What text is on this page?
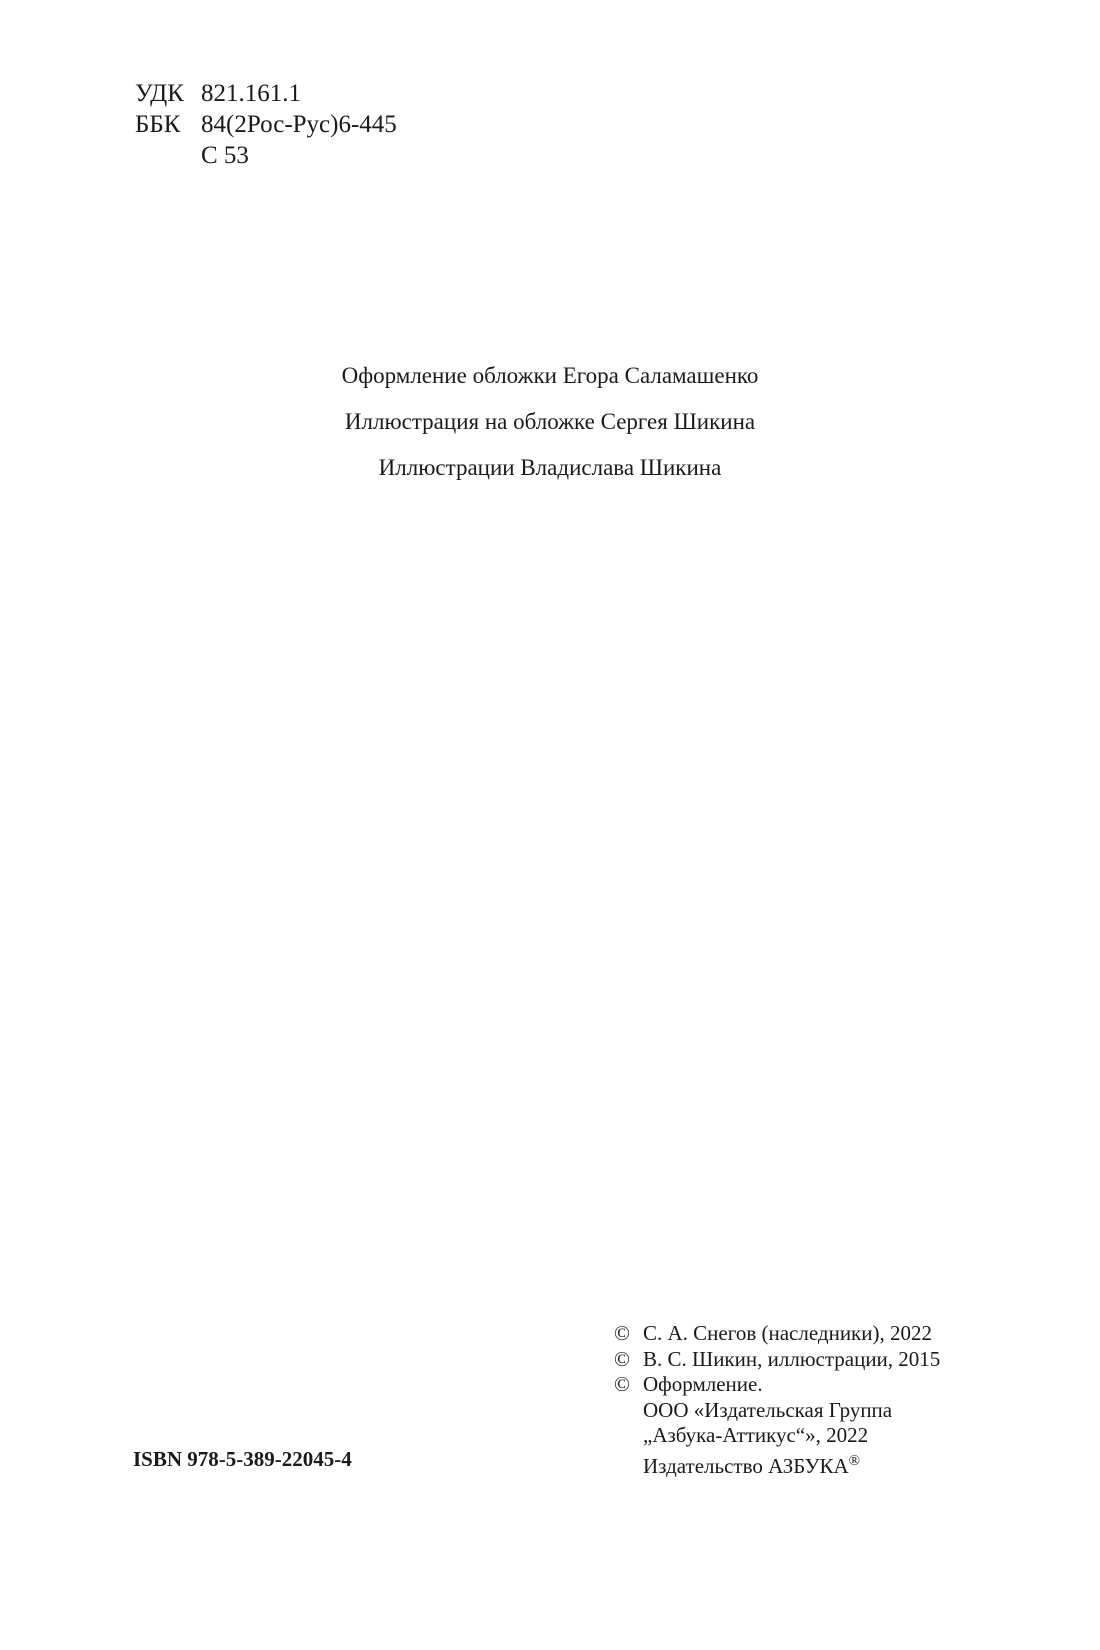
УДК 821.161.1
ББК 84(2Рос-Рус)6-445
С 53
Оформление обложки Егора Саламашенко
Иллюстрация на обложке Сергея Шикина
Иллюстрации Владислава Шикина
© С. А. Снегов (наследники), 2022
© В. С. Шикин, иллюстрации, 2015
© Оформление.
ООО «Издательская Группа
„Азбука-Аттикус“», 2022
Издательство АЗБУКА®
ISBN 978-5-389-22045-4
